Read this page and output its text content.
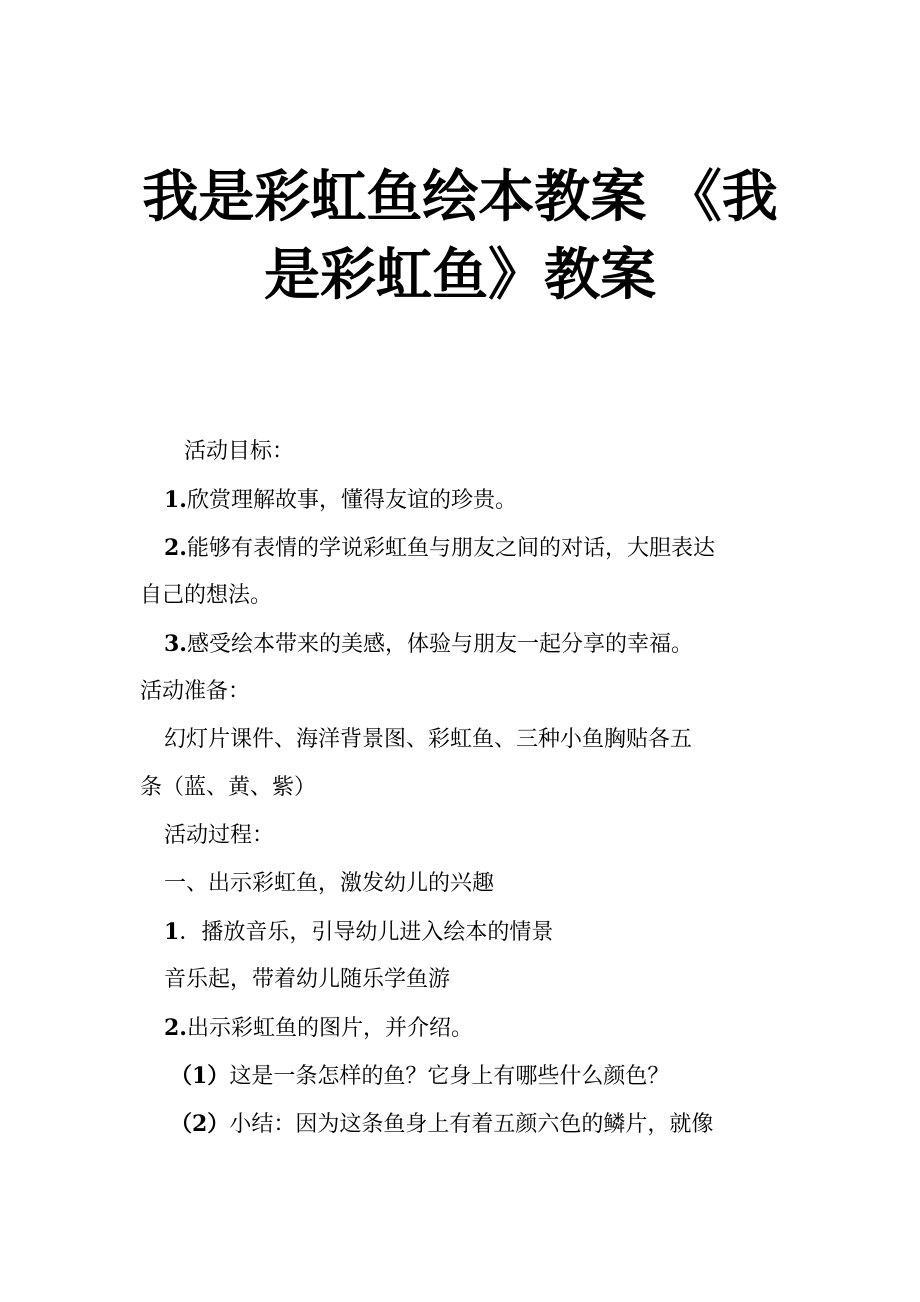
我是彩虹鱼绘本教案 《我
是彩虹鱼》教案
活动目标：
1.欣赏理解故事，懂得友谊的珍贵。
2.能够有表情的学说彩虹鱼与朋友之间的对话，大胆表达
自己的想法。
3.感受绘本带来的美感，体验与朋友一起分享的幸福。
活动准备：
幻灯片课件、海洋背景图、彩虹鱼、三种小鱼胸贴各五
条（蓝、黄、紫）
活动过程：
一、出示彩虹鱼，激发幼儿的兴趣
1．播放音乐，引导幼儿进入绘本的情景
音乐起，带着幼儿随乐学鱼游
2.出示彩虹鱼的图片，并介绍。
（1）这是一条怎样的鱼？它身上有哪些什么颜色？
（2）小结：因为这条鱼身上有着五颜六色的鳞片，就像
